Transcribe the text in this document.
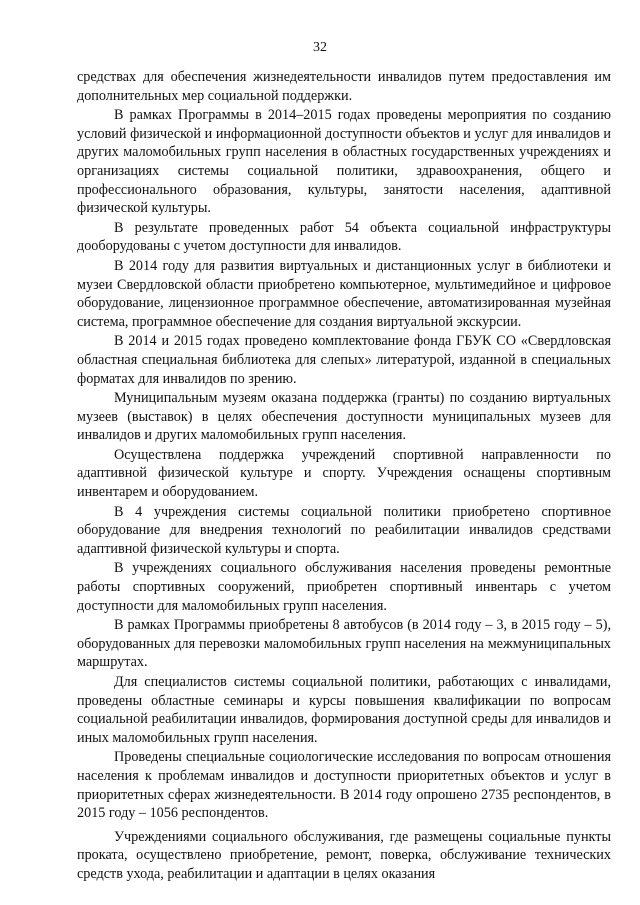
32

средствах для обеспечения жизнедеятельности инвалидов путем предоставления им дополнительных мер социальной поддержки.

В рамках Программы в 2014–2015 годах проведены мероприятия по созданию условий физической и информационной доступности объектов и услуг для инвалидов и других маломобильных групп населения в областных государственных учреждениях и организациях системы социальной политики, здравоохранения, общего и профессионального образования, культуры, занятости населения, адаптивной физической культуры.

В результате проведенных работ 54 объекта социальной инфраструктуры дооборудованы с учетом доступности для инвалидов.

В 2014 году для развития виртуальных и дистанционных услуг в библиотеки и музеи Свердловской области приобретено компьютерное, мультимедийное и цифровое оборудование, лицензионное программное обеспечение, автоматизированная музейная система, программное обеспечение для создания виртуальной экскурсии.

В 2014 и 2015 годах проведено комплектование фонда ГБУК СО «Свердловская областная специальная библиотека для слепых» литературой, изданной в специальных форматах для инвалидов по зрению.

Муниципальным музеям оказана поддержка (гранты) по созданию виртуальных музеев (выставок) в целях обеспечения доступности муниципальных музеев для инвалидов и других маломобильных групп населения.

Осуществлена поддержка учреждений спортивной направленности по адаптивной физической культуре и спорту. Учреждения оснащены спортивным инвентарем и оборудованием.

В 4 учреждения системы социальной политики приобретено спортивное оборудование для внедрения технологий по реабилитации инвалидов средствами адаптивной физической культуры и спорта.

В учреждениях социального обслуживания населения проведены ремонтные работы спортивных сооружений, приобретен спортивный инвентарь с учетом доступности для маломобильных групп населения.

В рамках Программы приобретены 8 автобусов (в 2014 году – 3, в 2015 году – 5), оборудованных для перевозки маломобильных групп населения на межмуниципальных маршрутах.

Для специалистов системы социальной политики, работающих с инвалидами, проведены областные семинары и курсы повышения квалификации по вопросам социальной реабилитации инвалидов, формирования доступной среды для инвалидов и иных маломобильных групп населения.

Проведены специальные социологические исследования по вопросам отношения населения к проблемам инвалидов и доступности приоритетных объектов и услуг в приоритетных сферах жизнедеятельности. В 2014 году опрошено 2735 респондентов, в 2015 году – 1056 респондентов.

Учреждениями социального обслуживания, где размещены социальные пункты проката, осуществлено приобретение, ремонт, поверка, обслуживание технических средств ухода, реабилитации и адаптации в целях оказания
